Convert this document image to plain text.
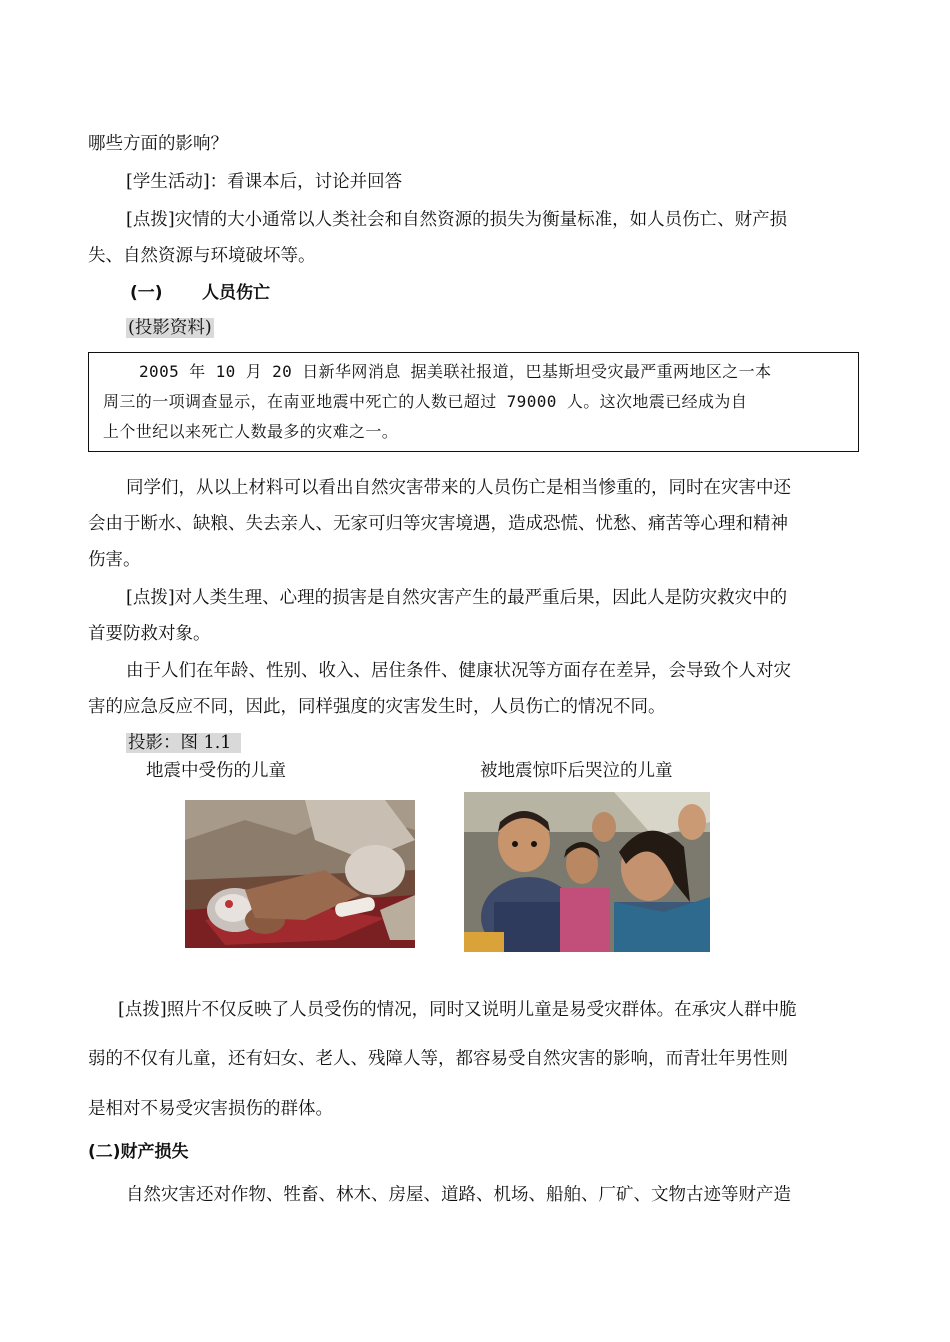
哪些方面的影响？
[学生活动]：看课本后，讨论并回答
[点拨]灾情的大小通常以人类社会和自然资源的损失为衡量标准，如人员伤亡、财产损
失、自然资源与环境破坏等。
(一) 人员伤亡
(投影资料)
2005 年 10 月 20 日新华网消息 据美联社报道，巴基斯坦受灾最严重两地区之一本
周三的一项调查显示，在南亚地震中死亡的人数已超过 79000 人。这次地震已经成为自
上个世纪以来死亡人数最多的灾难之一。
同学们，从以上材料可以看出自然灾害带来的人员伤亡是相当惨重的，同时在灾害中还
会由于断水、缺粮、失去亲人、无家可归等灾害境遇，造成恐慌、忧愁、痛苦等心理和精神
伤害。
[点拨]对人类生理、心理的损害是自然灾害产生的最严重后果，因此人是防灾救灾中的
首要防救对象。
由于人们在年龄、性别、收入、居住条件、健康状况等方面存在差异，会导致个人对灾
害的应急反应不同，因此，同样强度的灾害发生时，人员伤亡的情况不同。
投影：图 1.1
地震中受伤的儿童	被地震惊吓后哭泣的儿童
[点拨]照片不仅反映了人员受伤的情况，同时又说明儿童是易受灾群体。在承灾人群中脆
弱的不仅有儿童，还有妇女、老人、残障人等，都容易受自然灾害的影响，而青壮年男性则
是相对不易受灾害损伤的群体。
(二)财产损失
自然灾害还对作物、牲畜、林木、房屋、道路、机场、船舶、厂矿、文物古迹等财产造
